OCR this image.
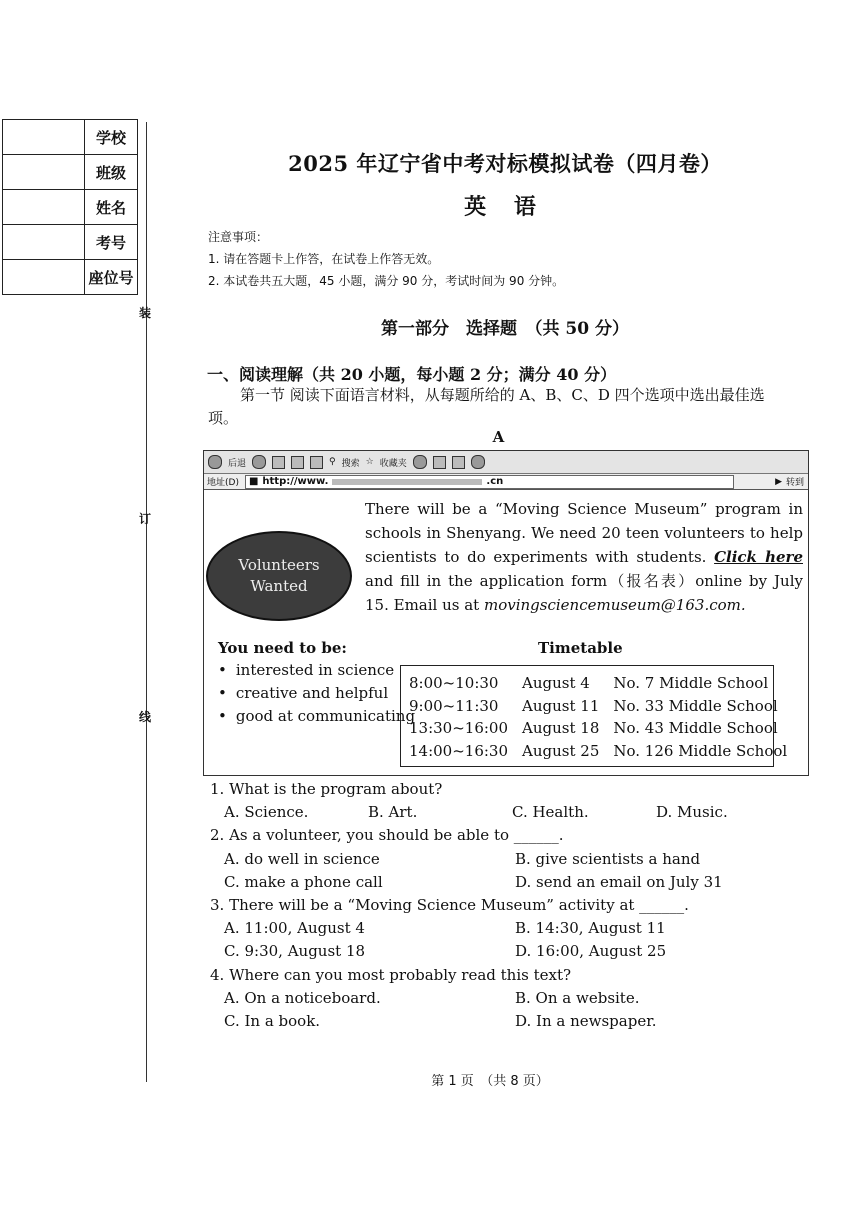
	学校
	班级
	姓名
	考号
	座位号
装
订
线
2025 年辽宁省中考对标模拟试卷（四月卷）
英 语
注意事项：
1. 请在答题卡上作答，在试卷上作答无效。
2. 本试卷共五大题，45 小题，满分 90 分，考试时间为 90 分钟。
第一部分　选择题　（共 50 分）
一、阅读理解（共 20 小题，每小题 2 分；满分 40 分）
第一节 阅读下面语言材料，从每题所给的 A、B、C、D 四个选项中选出最佳选项。
A
后退	⚲ 搜索 ☆ 收藏夹
地址(D) ■ http://www.	.cn	▶ 转到
Volunteers
Wanted
There will be a “Moving Science Museum” program in schools in Shenyang. We need 20 teen volunteers to help scientists to do experiments with students. Click here and fill in the application form（报名表）online by July 15. Email us at movingsciencemuseum@163.com.
You need to be:
• interested in science
• creative and helpful
• good at communicating
Timetable
8:00~10:30	August 4	No. 7 Middle School
9:00~11:30	August 11	No. 33 Middle School
13:30~16:00	August 18	No. 43 Middle School
14:00~16:30	August 25	No. 126 Middle School

1. What is the program about?

A. Science.	B. Art.	C. Health.	D. Music.

2. As a volunteer, you should be able to ______.

A. do well in science	B. give scientists a hand
C. make a phone call	D. send an email on July 31

3. There will be a “Moving Science Museum” activity at ______.

A. 11:00, August 4	B. 14:30, August 11
C. 9:30, August 18	D. 16:00, August 25

4. Where can you most probably read this text?

A. On a noticeboard.	B. On a website.
C. In a book.	D. In a newspaper.
第 1 页　（共 8 页）
